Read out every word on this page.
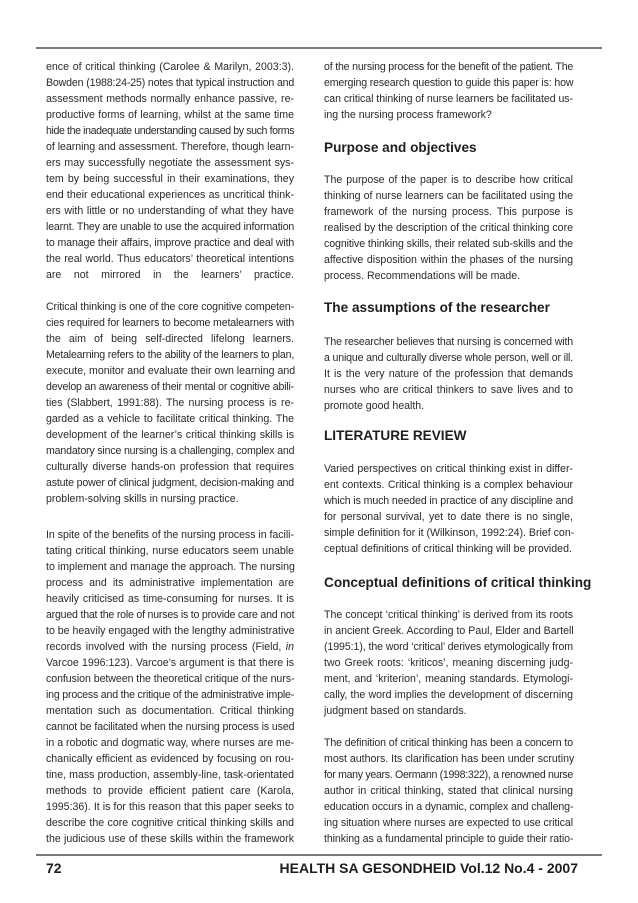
ence of critical thinking (Carolee & Marilyn, 2003:3).
Bowden (1988:24-25) notes that typical instruction and
assessment methods normally enhance passive, re-
productive forms of learning, whilst at the same time
hide the inadequate understanding caused by such forms
of learning and assessment. Therefore, though learn-
ers may successfully negotiate the assessment sys-
tem by being successful in their examinations, they
end their educational experiences as uncritical think-
ers with little or no understanding of what they have
learnt. They are unable to use the acquired information
to manage their affairs, improve practice and deal with
the real world. Thus educators’ theoretical intentions
are not mirrored in the learners’ practice.
Critical thinking is one of the core cognitive competen-
cies required for learners to become metalearners with
the aim of being self-directed lifelong learners.
Metalearning refers to the ability of the learners to plan,
execute, monitor and evaluate their own learning and
develop an awareness of their mental or cognitive abili-
ties (Slabbert, 1991:88). The nursing process is re-
garded as a vehicle to facilitate critical thinking. The
development of the learner’s critical thinking skills is
mandatory since nursing is a challenging, complex and
culturally diverse hands-on profession that requires
astute power of clinical judgment, decision-making and
problem-solving skills in nursing practice.
In spite of the benefits of the nursing process in facili-
tating critical thinking, nurse educators seem unable
to implement and manage the approach. The nursing
process and its administrative implementation are
heavily criticised as time-consuming for nurses. It is
argued that the role of nurses is to provide care and not
to be heavily engaged with the lengthy administrative
records involved with the nursing process (Field, in
Varcoe 1996:123). Varcoe’s argument is that there is
confusion between the theoretical critique of the nurs-
ing process and the critique of the administrative imple-
mentation such as documentation. Critical thinking
cannot be facilitated when the nursing process is used
in a robotic and dogmatic way, where nurses are me-
chanically efficient as evidenced by focusing on rou-
tine, mass production, assembly-line, task-orientated
methods to provide efficient patient care (Karola,
1995:36). It is for this reason that this paper seeks to
describe the core cognitive critical thinking skills and
the judicious use of these skills within the framework
of the nursing process for the benefit of the patient. The
emerging research question to guide this paper is: how
can critical thinking of nurse learners be facilitated us-
ing the nursing process framework?
Purpose and objectives
The purpose of the paper is to describe how critical
thinking of nurse learners can be facilitated using the
framework of the nursing process. This purpose is
realised by the description of the critical thinking core
cognitive thinking skills, their related sub-skills and the
affective disposition within the phases of the nursing
process. Recommendations will be made.
The assumptions of the researcher
The researcher believes that nursing is concerned with
a unique and culturally diverse whole person, well or ill.
It is the very nature of the profession that demands
nurses who are critical thinkers to save lives and to
promote good health.
LITERATURE REVIEW
Varied perspectives on critical thinking exist in differ-
ent contexts. Critical thinking is a complex behaviour
which is much needed in practice of any discipline and
for personal survival, yet to date there is no single,
simple definition for it (Wilkinson, 1992:24). Brief con-
ceptual definitions of critical thinking will be provided.
Conceptual definitions of critical thinking
The concept ‘critical thinking’ is derived from its roots
in ancient Greek. According to Paul, Elder and Bartell
(1995:1), the word ‘critical’ derives etymologically from
two Greek roots: ‘kriticos’, meaning discerning judg-
ment, and ‘kriterion’, meaning standards. Etymologi-
cally, the word implies the development of discerning
judgment based on standards.
The definition of critical thinking has been a concern to
most authors. Its clarification has been under scrutiny
for many years. Oermann (1998:322), a renowned nurse
author in critical thinking, stated that clinical nursing
education occurs in a dynamic, complex and challeng-
ing situation where nurses are expected to use critical
thinking as a fundamental principle to guide their ratio-
72	HEALTH SA GESONDHEID Vol.12 No.4 - 2007
